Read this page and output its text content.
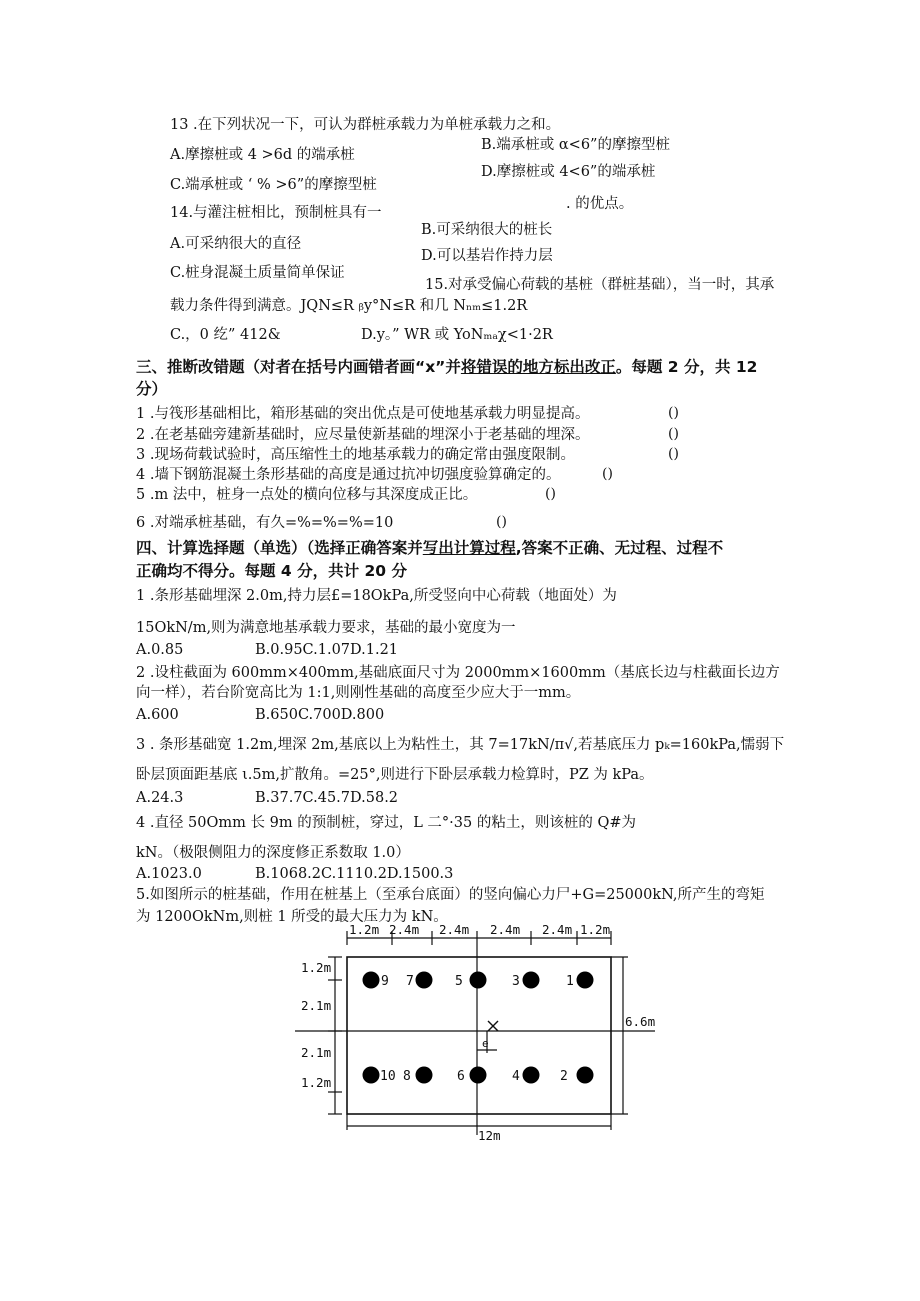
13 .在下列状况一下，可认为群桩承载力为单桩承载力之和。
A.摩擦桩或 4 >6d 的端承桩
B.端承桩或 α<6”的摩擦型桩
D.摩擦桩或 4<6”的端承桩
C.端承桩或 ‘ % >6”的摩擦型桩
14.与灌注桩相比，预制桩具有一
. 的优点。
A.可采纳很大的直径
B.可采纳很大的桩长
D.可以基岩作持力层
C.桩身混凝土质量简单保证
15.对承受偏心荷载的基桩（群桩基础），当一时，其承
载力条件得到满意。JQN≤R ᵦy°N≤R 和几 Nₙₘ≤1.2R
C.，0 纥” 412&	D.y。” WR 或 YoNₘₐχ<1·2R
三、推断改错题（对者在括号内画错者画“x”并将错误的地方标出改正。每题 2 分，共 12
分）
1 .与筏形基础相比，箱形基础的突出优点是可使地基承载力明显提高。	()
2 .在老基础旁建新基础时，应尽量使新基础的埋深小于老基础的埋深。	()
3 .现场荷载试验时，高压缩性土的地基承载力的确定常由强度限制。	()
4 .墙下钢筋混凝土条形基础的高度是通过抗冲切强度验算确定的。	()
5 .m 法中，桩身一点处的横向位移与其深度成正比。	()
6 .对端承桩基础，有久=%=%=%=10	()
四、计算选择题（单选）（选择正确答案并写出计算过程,答案不正确、无过程、过程不
正确均不得分。每题 4 分，共计 20 分
1 .条形基础埋深 2.0m,持力层£=18OkPa,所受竖向中心荷载（地面处）为
15OkN/m,则为满意地基承载力要求，基础的最小宽度为一
A.0.85	B.0.95C.1.07D.1.21
2 .设柱截面为 600mm×400mm,基础底面尺寸为 2000mm×1600mm（基底长边与柱截面长边方
向一样），若台阶宽高比为 1:1,则刚性基础的高度至少应大于一mm。
A.600	B.650C.700D.800
3 . 条形基础宽 1.2m,埋深 2m,基底以上为粘性土，其 7=17kN∕π√,若基底压力 pₖ=160kPa,懦弱下
卧层顶面距基底 ι.5m,扩散角。=25°,则进行下卧层承载力检算时，PZ 为 kPa。
A.24.3	B.37.7C.45.7D.58.2
4 .直径 50Omm 长 9m 的预制桩，穿过，L 二°·35 的粘土，则该桩的 Q#为
kN。（极限侧阻力的深度修正系数取 1.0）
A.1023.0	B.1068.2C.1110.2D.1500.3
5.如图所示的桩基础，作用在桩基上（至承台底面）的竖向偏心力尸+G=25000kN,所产生的弯矩
为 1200OkNm,则桩 1 所受的最大压力为 kN。
1.2m 2.4m 2.4m 2.4m 2.4m 1.2m
1.2m
2.1m
2.1m
1.2m
6.6m
12m
e
9 7	5	3	1
10 8	6	4	2
